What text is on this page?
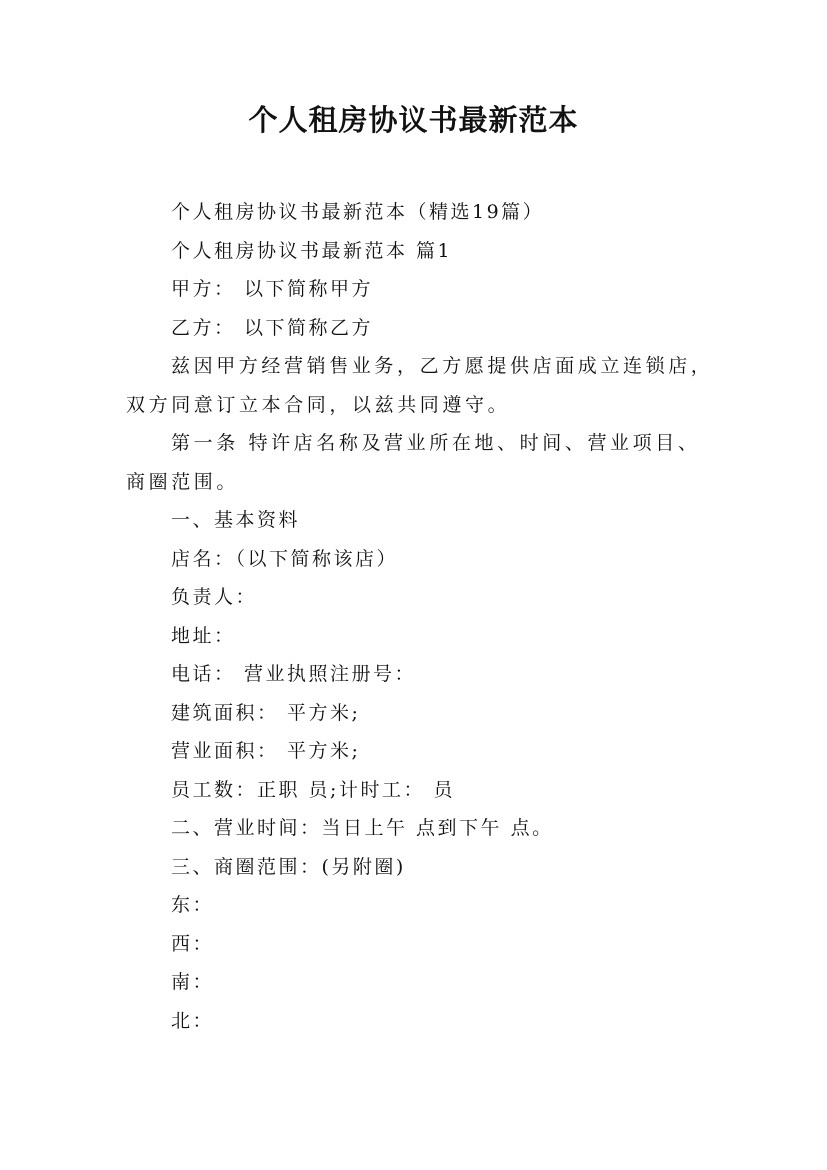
个人租房协议书最新范本

个人租房协议书最新范本（精选19篇）

个人租房协议书最新范本 篇1

甲方： 以下简称甲方

乙方： 以下简称乙方

兹因甲方经营销售业务，乙方愿提供店面成立连锁店，双方同意订立本合同，以兹共同遵守。

第一条 特许店名称及营业所在地、时间、营业项目、商圈范围。

一、基本资料

店名：（以下简称该店）

负责人：

地址：

电话： 营业执照注册号：

建筑面积： 平方米;

营业面积： 平方米;

员工数：正职 员;计时工： 员

二、营业时间：当日上午 点到下午 点。

三、商圈范围：(另附圈)

东：

西：

南：

北：
